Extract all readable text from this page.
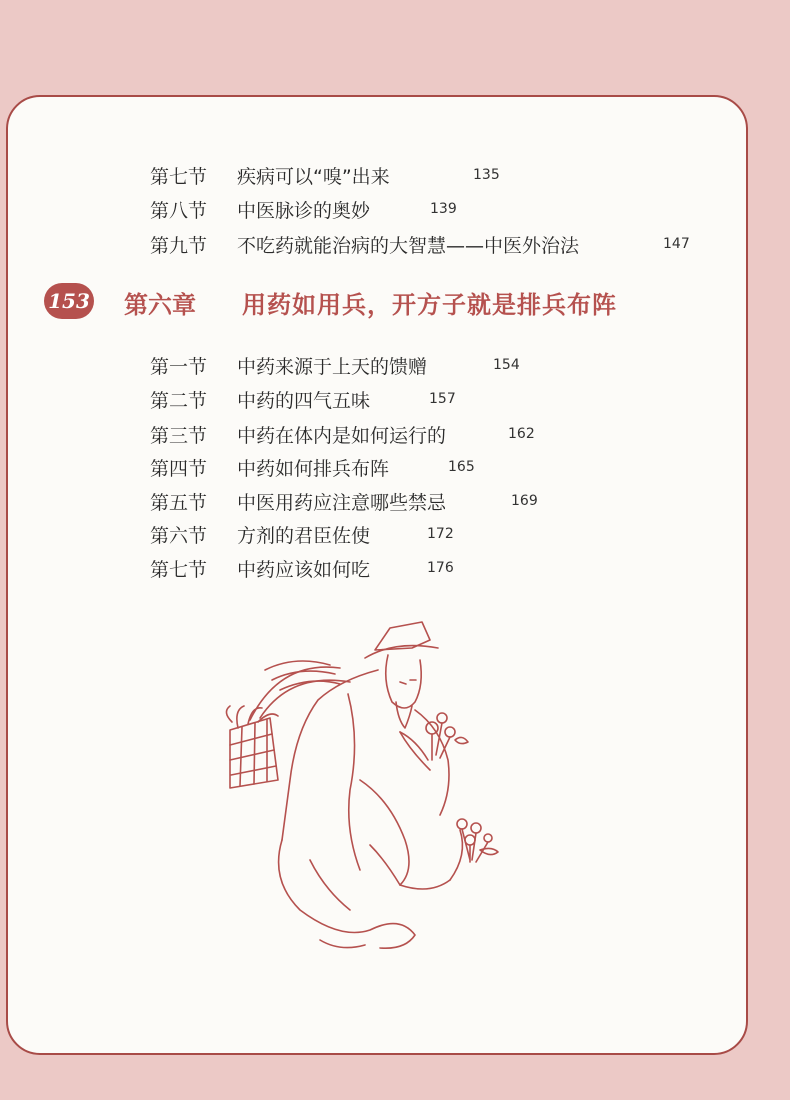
第七节 疾病可以“嗅”出来	135
第八节 中医脉诊的奥妙	139
第九节 不吃药就能治病的大智慧——中医外治法	147
153 第六章 用药如用兵，开方子就是排兵布阵
第一节 中药来源于上天的馈赠	154
第二节 中药的四气五味	157
第三节 中药在体内是如何运行的	162
第四节 中药如何排兵布阵	165
第五节 中医用药应注意哪些禁忌	169
第六节 方剂的君臣佐使	172
第七节 中药应该如何吃	176
